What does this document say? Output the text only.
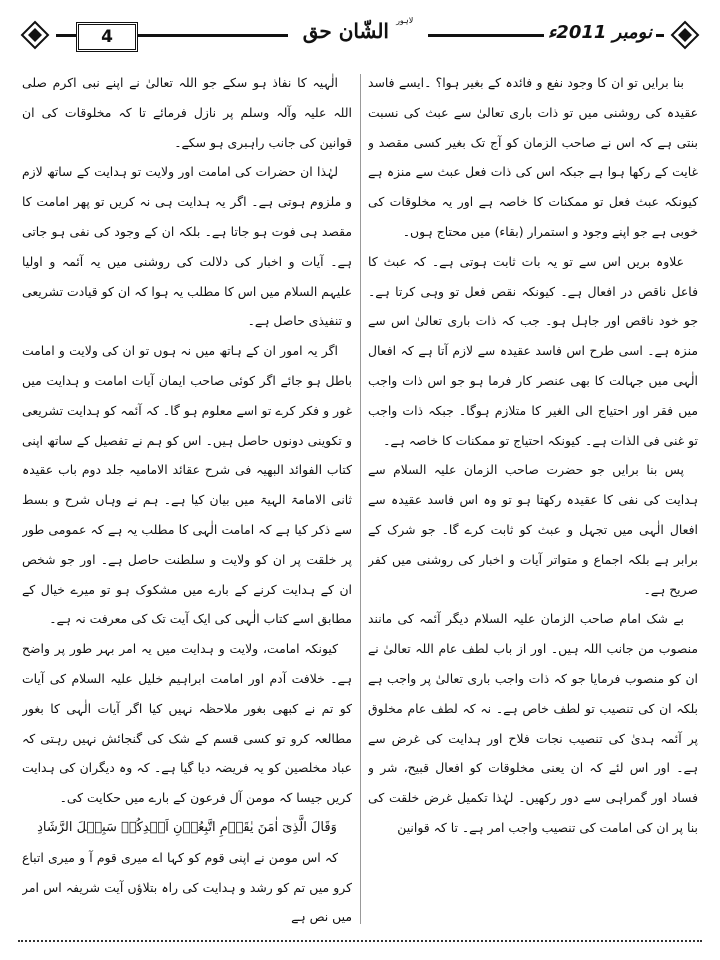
4	الشّان حق $^{لاہور}$
نومبر 2011ء

بنا برایں تو ان کا وجود نفع و فائدہ کے بغیر ہوا؟ ۔ایسے فاسد عقیدہ کی روشنی میں تو ذات باری تعالیٰ سے عبث کی نسبت بنتی ہے کہ اس نے صاحب الزمان کو آج تک بغیر کسی مقصد و غایت کے رکھا ہوا ہے جبکہ اس کی ذات فعل عبث سے منزہ ہے کیونکہ عبث فعل تو ممکنات کا خاصہ ہے اور یہ مخلوقات کی خوبی ہے جو اپنے وجود و استمرار (بقاء) میں محتاج ہوں۔

علاوہ بریں اس سے تو یہ بات ثابت ہوتی ہے۔ کہ عبث کا فاعل ناقص در افعال ہے۔ کیونکہ نقص فعل تو وہی کرتا ہے۔ جو خود ناقص اور جاہل ہو۔ جب کہ ذات باری تعالیٰ اس سے منزہ ہے۔ اسی طرح اس فاسد عقیدہ سے لازم آتا ہے کہ افعال الٰہی میں جہالت کا بھی عنصر کار فرما ہو جو اس ذات واجب میں فقر اور احتیاج الی الغیر کا متلازم ہوگا۔ جبکہ ذات واجب تو غنی فی الذات ہے۔ کیونکہ احتیاج تو ممکنات کا خاصہ ہے۔

پس بنا برایں جو حضرت صاحب الزمان علیہ السلام سے ہدایت کی نفی کا عقیدہ رکھتا ہو تو وہ اس فاسد عقیدہ سے افعال الٰہی میں تجہل و عبث کو ثابت کرے گا۔ جو شرک کے برابر ہے بلکہ اجماع و متواتر آیات و اخبار کی روشنی میں کفر صریح ہے۔

بے شک امام صاحب الزمان علیہ السلام دیگر آئمہ کی مانند منصوب من جانب اللہ ہیں۔ اور از باب لطف عام اللہ تعالیٰ نے ان کو منصوب فرمایا جو کہ ذات واجب باری تعالیٰ پر واجب ہے بلکہ ان کی تنصیب تو لطف خاص ہے۔ نہ کہ لطف عام مخلوق پر آئمہ ہدیٰ کی تنصیب نجات فلاح اور ہدایت کی غرض سے ہے۔ اور اس لئے کہ ان یعنی مخلوقات کو افعال قبیح، شر و فساد اور گمراہی سے دور رکھیں۔ لہٰذا تکمیل غرض خلقت کی بنا پر ان کی امامت کی تنصیب واجب امر ہے۔ تا کہ قوانین

الٰہیہ کا نفاذ ہو سکے جو اللہ تعالیٰ نے اپنے نبی اکرم صلی اللہ علیہ وآلہ وسلم پر نازل فرمائے تا کہ مخلوقات کی ان قوانین کی جانب راہبری ہو سکے۔

لہٰذا ان حضرات کی امامت اور ولایت تو ہدایت کے ساتھ لازم و ملزوم ہوتی ہے۔ اگر یہ ہدایت ہی نہ کریں تو پھر امامت کا مقصد ہی فوت ہو جاتا ہے۔ بلکہ ان کے وجود کی نفی ہو جاتی ہے۔ آیات و اخبار کی دلالت کی روشنی میں یہ آئمہ و اولیا علیہم السلام میں اس کا مطلب یہ ہوا کہ ان کو قیادت تشریعی و تنفیذی حاصل ہے۔

اگر یہ امور ان کے ہاتھ میں نہ ہوں تو ان کی ولایت و امامت باطل ہو جائے اگر کوئی صاحب ایمان آیات امامت و ہدایت میں غور و فکر کرے تو اسے معلوم ہو گا۔ کہ آئمہ کو ہدایت تشریعی و تکوینی دونوں حاصل ہیں۔ اس کو ہم نے تفصیل کے ساتھ اپنی کتاب الفوائد البھیہ فی شرح عقائد الامامیہ جلد دوم باب عقیدہ ثانی الامامۃ الہیۃ میں بیان کیا ہے۔ ہم نے وہاں شرح و بسط سے ذکر کیا ہے کہ امامت الٰہی کا مطلب یہ ہے کہ عمومی طور پر خلقت پر ان کو ولایت و سلطنت حاصل ہے۔ اور جو شخص ان کے ہدایت کرنے کے بارے میں مشکوک ہو تو میرے خیال کے مطابق اسے کتاب الٰہی کی ایک آیت تک کی معرفت نہ ہے۔

کیونکہ امامت، ولایت و ہدایت میں یہ امر بہر طور پر واضح ہے۔ خلافت آدم اور امامت ابراہیم خلیل علیہ السلام کی آیات کو تم نے کبھی بغور ملاحظہ نہیں کیا اگر آیات الٰہی کا بغور مطالعہ کرو تو کسی قسم کے شک کی گنجائش نہیں رہتی کہ عباد مخلصین کو یہ فریضہ دیا گیا ہے۔ کہ وہ دیگران کی ہدایت کریں جیسا کہ مومن آل فرعون کے بارے میں حکایت کی۔

وَقَالَ الَّذِیٓ اٰمَنَ یٰقَوۡمِ اتَّبِعُوۡنِ اَهۡدِكُمۡ سَبِیۡلَ الرَّشَادِ

کہ اس مومن نے اپنی قوم کو کہا اے میری قوم آ و میری اتباع کرو میں تم کو رشد و ہدایت کی راہ بتلاؤں آیت شریفہ اس امر میں نص ہے
